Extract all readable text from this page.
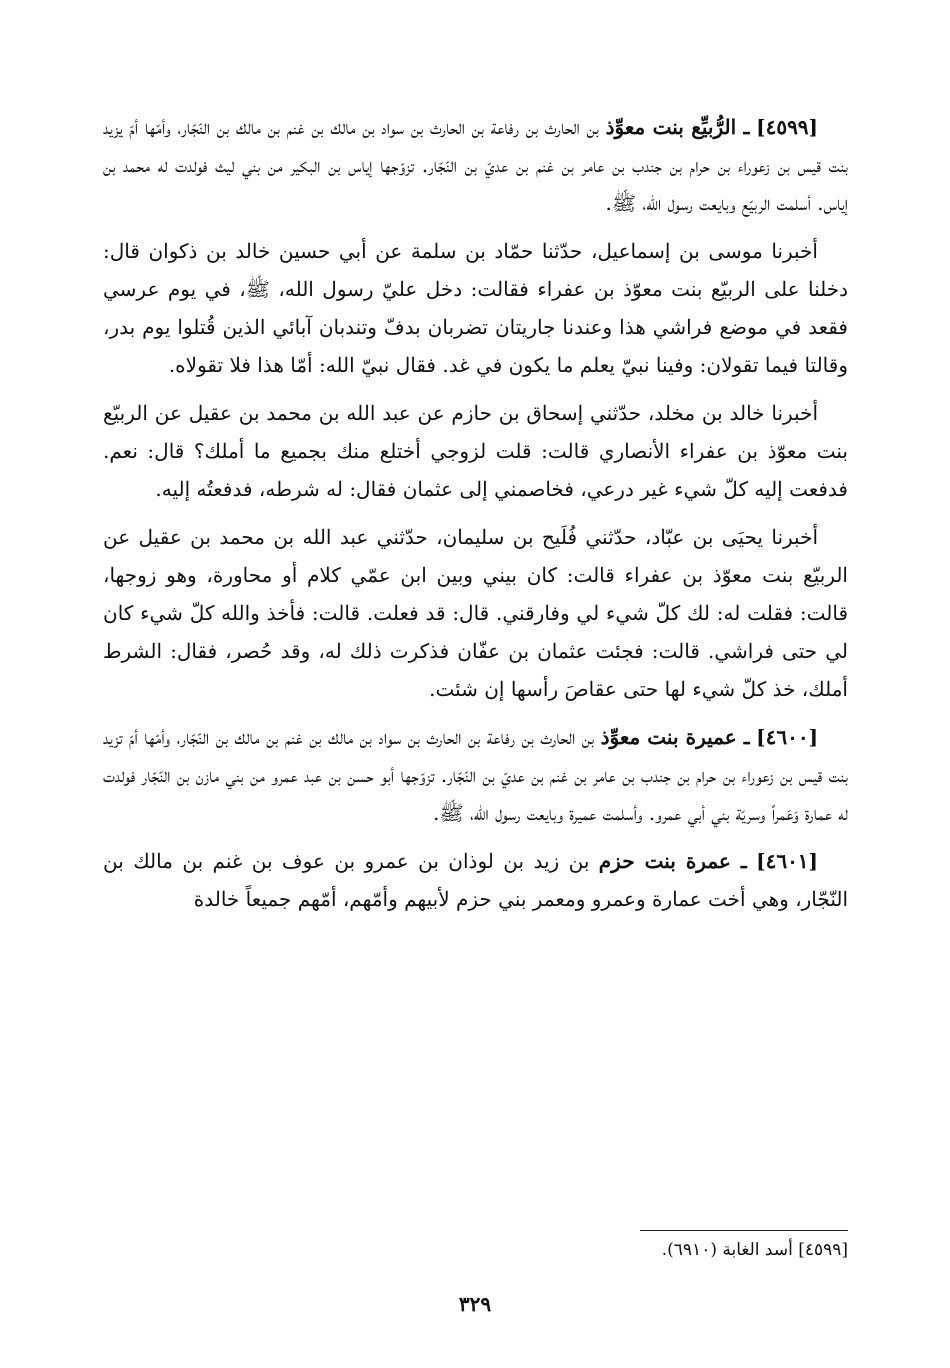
[٤٥٩٩] ـ الرُّبيِّع بنت معوِّذ بن الحارث بن رفاعة بن الحارث بن سواد بن مالك بن غنم بن مالك بن النّجّار، وأمّها أمّ يزيد بنت قيس بن زعوراء بن حرام بن جندب بن عامر بن غنم بن عديّ بن النّجّار. تزوّجها إياس بن البكير من بني ليث فولدت له محمد بن إياس. أسلمت الربيّع وبايعت رسول الله، ﷺ.

أخبرنا موسى بن إسماعيل، حدّثنا حمّاد بن سلمة عن أبي حسين خالد بن ذكوان قال: دخلنا على الربيّع بنت معوّذ بن عفراء فقالت: دخل عليّ رسول الله، ﷺ، في يوم عرسي فقعد في موضع فراشي هذا وعندنا جاريتان تضربان بدفّ وتندبان آبائي الذين قُتلوا يوم بدر، وقالتا فيما تقولان: وفينا نبيّ يعلم ما يكون في غد. فقال نبيّ الله: أمّا هذا فلا تقولاه.

أخبرنا خالد بن مخلد، حدّثني إسحاق بن حازم عن عبد الله بن محمد بن عقيل عن الربيّع بنت معوّذ بن عفراء الأنصاري قالت: قلت لزوجي أختلع منك بجميع ما أملك؟ قال: نعم. فدفعت إليه كلّ شيء غير درعي، فخاصمني إلى عثمان فقال: له شرطه، فدفعتُه إليه.

أخبرنا يحيَى بن عبّاد، حدّثني فُلَيح بن سليمان، حدّثني عبد الله بن محمد بن عقيل عن الربيّع بنت معوّذ بن عفراء قالت: كان بيني وبين ابن عمّي كلام أو محاورة، وهو زوجها، قالت: فقلت له: لك كلّ شيء لي وفارقني. قال: قد فعلت. قالت: فأخذ والله كلّ شيء كان لي حتى فراشي. قالت: فجئت عثمان بن عفّان فذكرت ذلك له، وقد حُصر، فقال: الشرط أملك، خذ كلّ شيء لها حتى عقاصَ رأسها إن شئت.

[٤٦٠٠] ـ عميرة بنت معوِّذ بن الحارث بن رفاعة بن الحارث بن سواد بن مالك بن غنم بن مالك بن النّجّار، وأمّها أمّ تزيد بنت قيس بن زعوراء بن حرام بن جندب بن عامر بن غنم بن عديّ بن النّجّار. تزوّجها أبو حسن بن عبد عمرو من بني مازن بن النّجّار فولدت له عمارة وَعَمراً وسريّة بني أبي عمرو. وأسلمت عميرة وبايعت رسول الله، ﷺ.

[٤٦٠١] ـ عمرة بنت حزم بن زيد بن لوذان بن عمرو بن عوف بن غنم بن مالك بن النّجّار، وهي أخت عمارة وعمرو ومعمر بني حزم لأبيهم وأمّهم، أمّهم جميعاً خالدة

[٤٥٩٩] أسد الغابة (٦٩١٠).
٣٢٩
